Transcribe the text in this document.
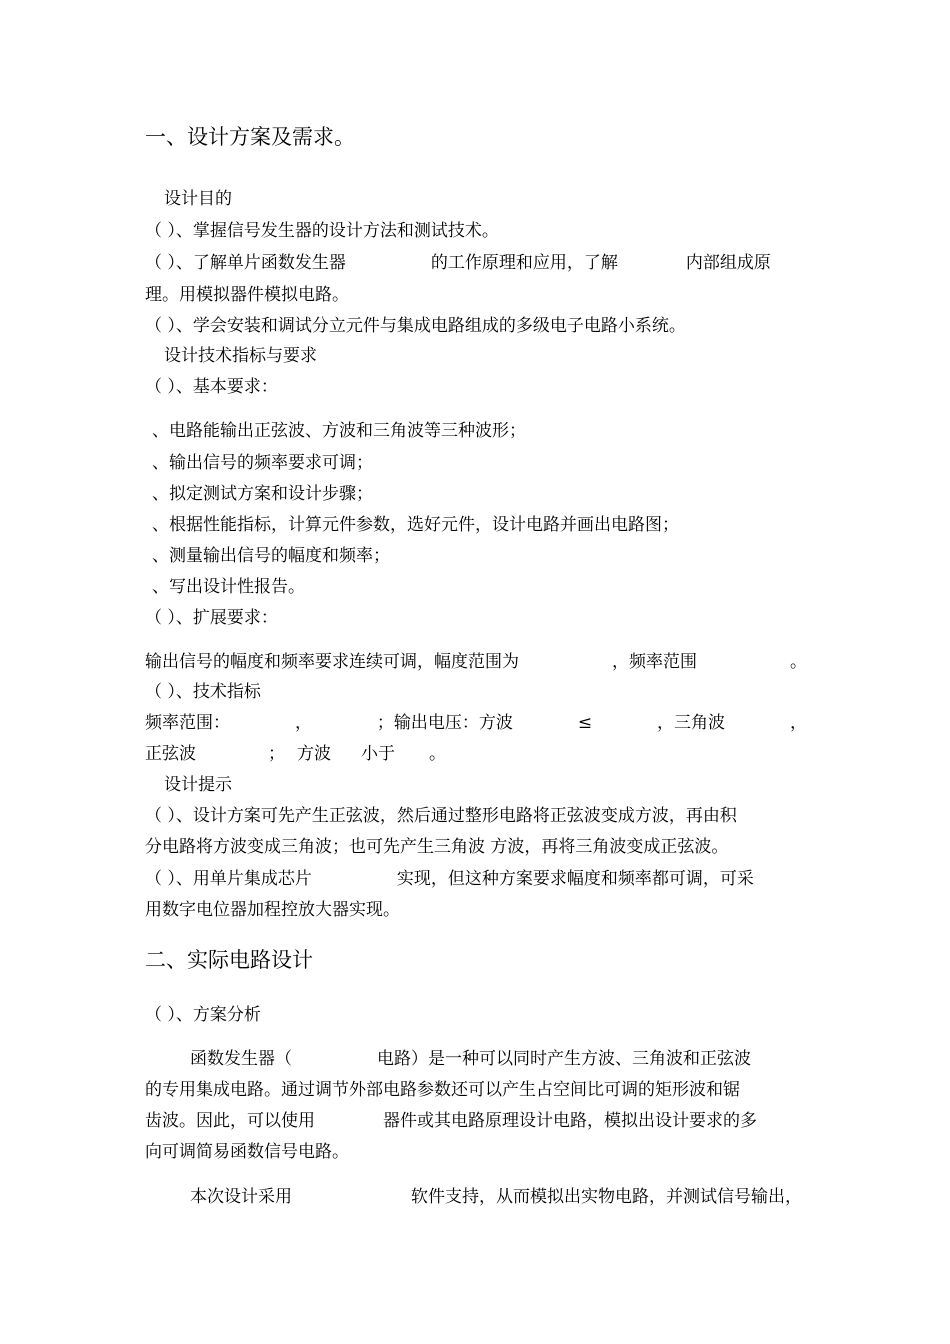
一、设计方案及需求。
设计目的
（ ）、掌握信号发生器的设计方法和测试技术。
（ ）、了解单片函数发生器　　　　　的工作原理和应用，了解　　　　内部组成原
理。用模拟器件模拟电路。
（ ）、学会安装和调试分立元件与集成电路组成的多级电子电路小系统。
设计技术指标与要求
（ ）、基本要求：
、电路能输出正弦波、方波和三角波等三种波形；
、输出信号的频率要求可调；
、拟定测试方案和设计步骤；
、根据性能指标，计算元件参数，选好元件，设计电路并画出电路图；
、测量输出信号的幅度和频率；
、写出设计性报告。
（ ）、扩展要求：
输出信号的幅度和频率要求连续可调，幅度范围为	，频率范围	。
（ ）、技术指标
频率范围：	，	；输出电压：方波	≤	，三角波	，
正弦波	； 方波 小于 。
设计提示
（ ）、设计方案可先产生正弦波，然后通过整形电路将正弦波变成方波，再由积
分电路将方波变成三角波；也可先产生三角波 方波，再将三角波变成正弦波。
（ ）、用单片集成芯片　　　　　实现，但这种方案要求幅度和频率都可调，可采
用数字电位器加程控放大器实现。
二、实际电路设计
（ ）、方案分析
函数发生器（　　　　　电路）是一种可以同时产生方波、三角波和正弦波
的专用集成电路。通过调节外部电路参数还可以产生占空间比可调的矩形波和锯
齿波。因此，可以使用　　　　器件或其电路原理设计电路，模拟出设计要求的多
向可调简易函数信号电路。
本次设计采用　　　　　　　软件支持，从而模拟出实物电路，并测试信号输出，
